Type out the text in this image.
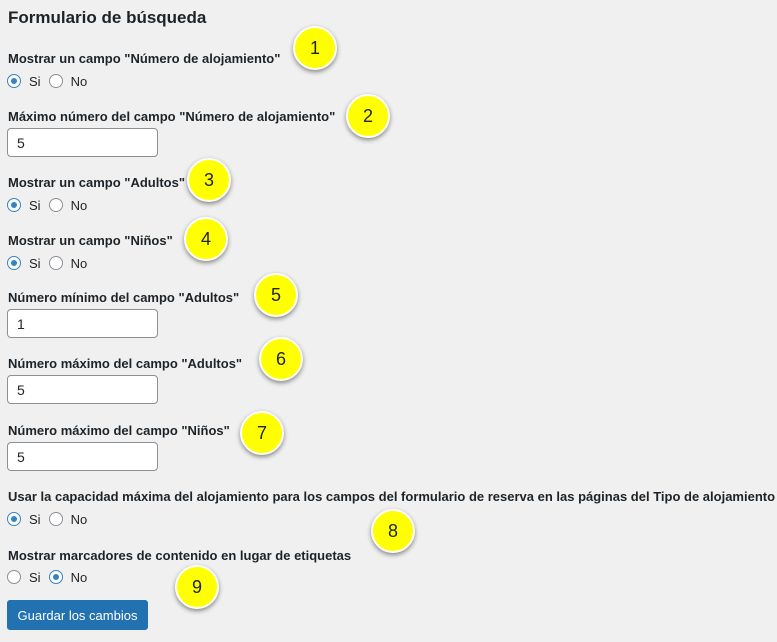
Formulario de búsqueda
Mostrar un campo "Número de alojamiento"
Si No
Máximo número del campo "Número de alojamiento"
5
Mostrar un campo "Adultos"
Si No
Mostrar un campo "Niños"
Si No
Número mínimo del campo "Adultos"
1
Número máximo del campo "Adultos"
5
Número máximo del campo "Niños"
5
Usar la capacidad máxima del alojamiento para los campos del formulario de reserva en las páginas del Tipo de alojamiento
Si No
Mostrar marcadores de contenido en lugar de etiquetas
Si No
Guardar los cambios
1
2
3
4
5
6
7
8
9
